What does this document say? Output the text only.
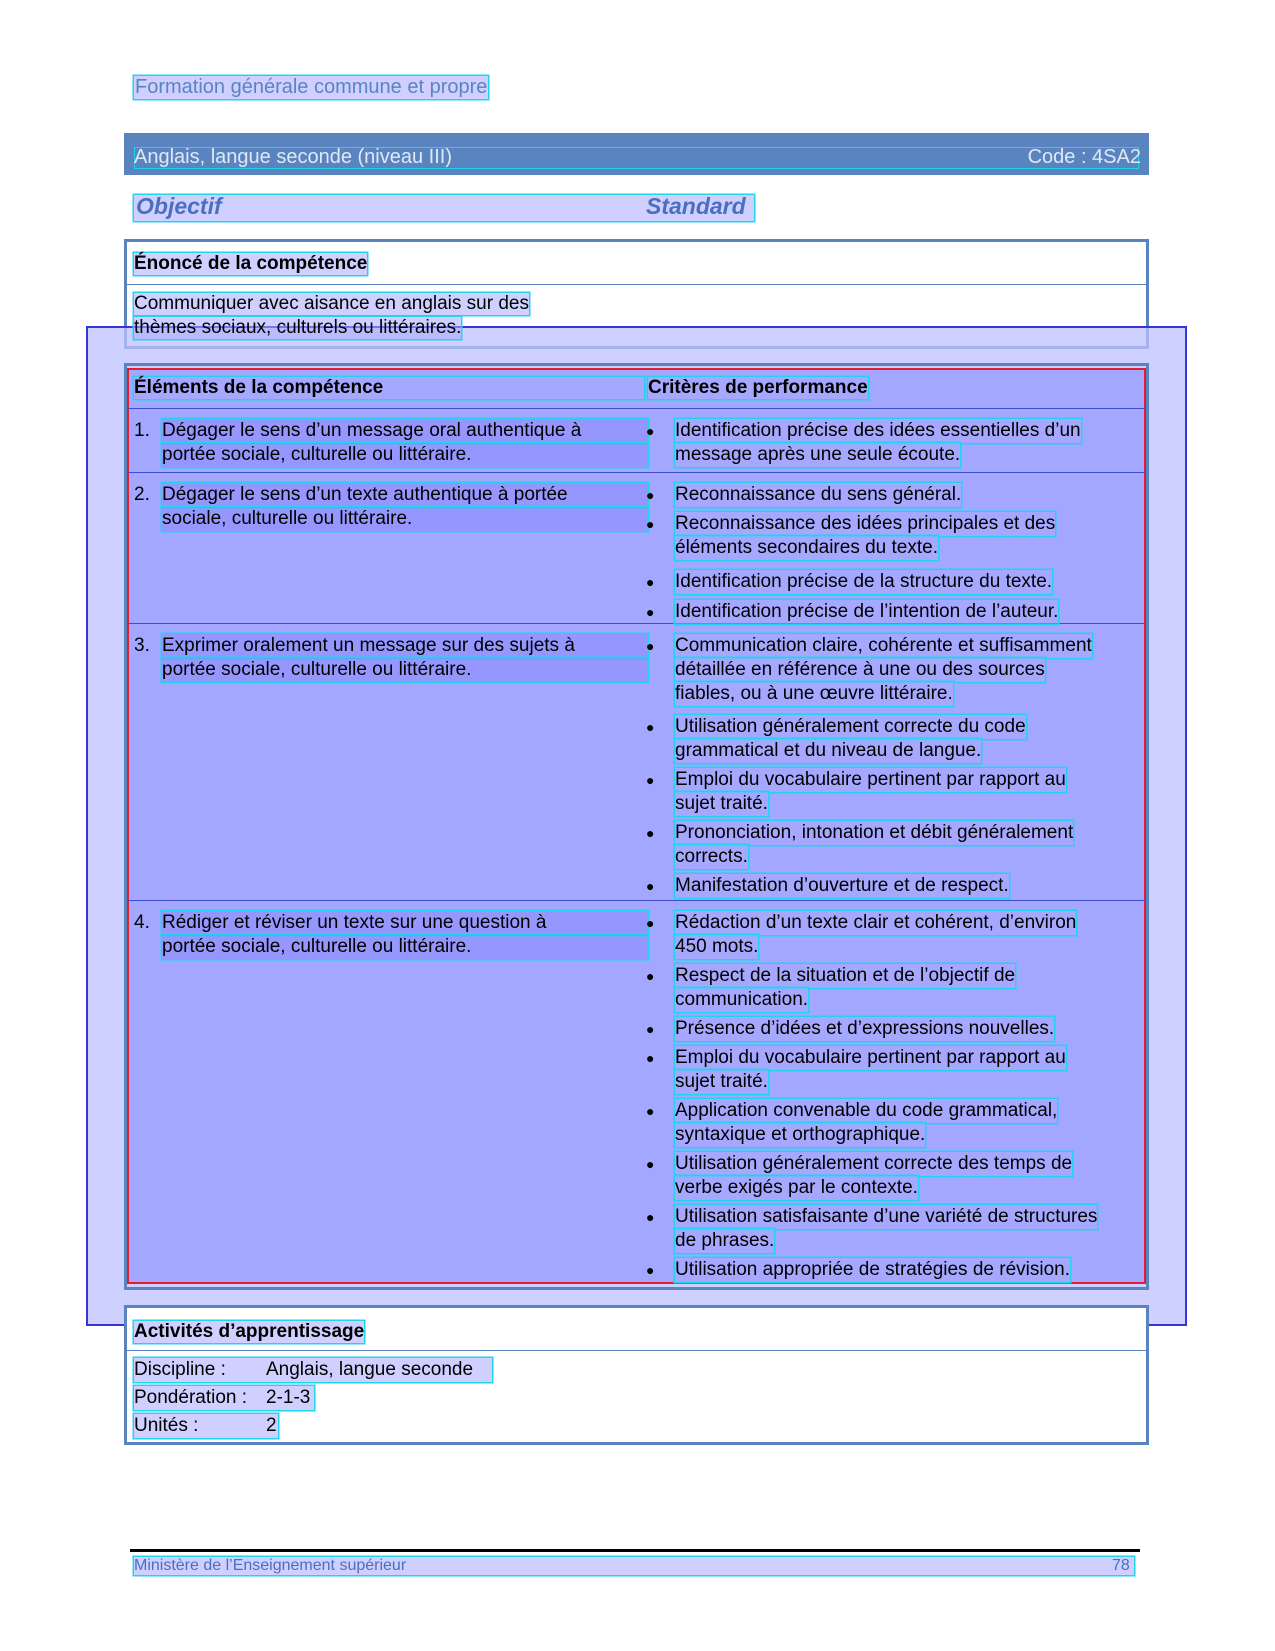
Formation générale commune et propre
Anglais, langue seconde (niveau III)	Code : 4SA2
Objectif	Standard
Énoncé de la compétence
Communiquer avec aisance en anglais sur des
thèmes sociaux, culturels ou littéraires.
Éléments de la compétence	Critères de performance
1. Dégager le sens d’un message oral authentique à
portée sociale, culturelle ou littéraire.
● Identification précise des idées essentielles d’un
message après une seule écoute.
2. Dégager le sens d’un texte authentique à portée
sociale, culturelle ou littéraire.
● Reconnaissance du sens général.
● Reconnaissance des idées principales et des
éléments secondaires du texte.
● Identification précise de la structure du texte.
● Identification précise de l’intention de l’auteur.
3. Exprimer oralement un message sur des sujets à
portée sociale, culturelle ou littéraire.
● Communication claire, cohérente et suffisamment
détaillée en référence à une ou des sources
fiables, ou à une œuvre littéraire.
● Utilisation généralement correcte du code
grammatical et du niveau de langue.
● Emploi du vocabulaire pertinent par rapport au
sujet traité.
● Prononciation, intonation et débit généralement
corrects.
● Manifestation d’ouverture et de respect.
4. Rédiger et réviser un texte sur une question à
portée sociale, culturelle ou littéraire.
● Rédaction d’un texte clair et cohérent, d’environ
450 mots.
● Respect de la situation et de l’objectif de
communication.
● Présence d’idées et d’expressions nouvelles.
● Emploi du vocabulaire pertinent par rapport au
sujet traité.
● Application convenable du code grammatical,
syntaxique et orthographique.
● Utilisation généralement correcte des temps de
verbe exigés par le contexte.
● Utilisation satisfaisante d’une variété de structures
de phrases.
● Utilisation appropriée de stratégies de révision.
Activités d’apprentissage
Discipline : Anglais, langue seconde
Pondération : 2-1-3
Unités :	2
Ministère de l’Enseignement supérieur	78
